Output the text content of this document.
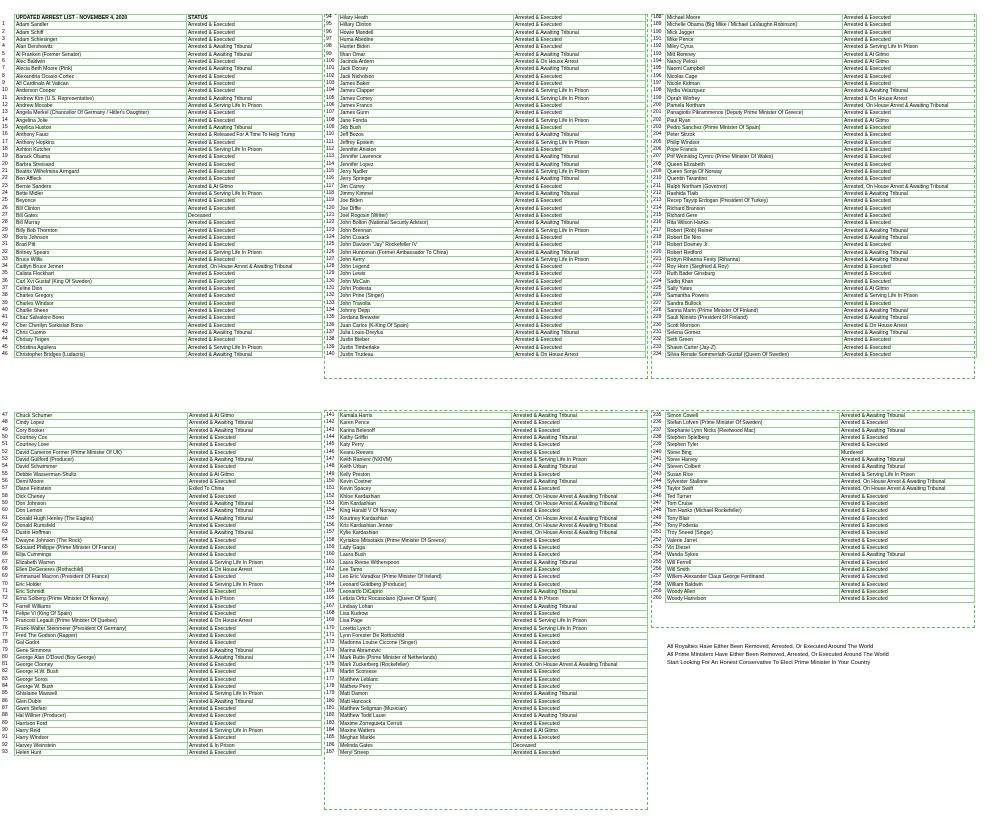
UPDATED ARREST LIST - NOVEMBER 4, 2020	STATUS
1	Adam Sandler	Arrested & Executed
2	Adam Schiff	Arrested & Executed
3	Adam Schlesinger	Arrested & Executed
4	Alan Dershowitz	Arrested & Awaiting Tribunal
5	Al Franken (Former Senator)	Arrested & Awaiting Tribunal
6	Alec Baldwin	Arrested & Executed
7	Alecia Beth Moore (Pink)	Arrested & Awaiting Tribunal
8	Alexandria Ocasio-Cortez	Arrested & Executed
9	All Cardinals At Vatican	Arrested & Executed
10	Anderson Cooper	Arrested & Executed
11	Andrew Kim (U.S. Representative)	Arrested & Awaiting Tribunal
12	Andrew Mccabe	Arrested & Serving Life In Prison
13	Angela Merkel (Chancellor Of Germany / Hitler's Daughter)	Arrested & Executed
14	Angelina Jolie	Arrested & Executed
15	Anjelica Huston	Arrested & Awaiting Tribunal
16	Anthony Fauci	Arrested & Released For A Time To Help Trump
17	Anthony Hopkins	Arrested & Executed
18	Ashton Kutcher	Arrested & Serving Life In Prison
19	Barack Obama	Arrested & Executed
20	Barbra Streisand	Arrested & Executed
21	Beatrix Wilhelmina Armgard	Arrested & Executed
22	Ben Affleck	Arrested & Executed
23	Bernie Sanders	Arrested & At Gitmo
24	Bette Midler	Arrested & Serving Life In Prison
25	Beyonce	Arrested & Executed
26	Bill Clinton	Arrested & Executed
27	Bill Gates	Deceased
28	Bill Murray	Arrested & Executed
29	Billy Bob Thornton	Arrested & Executed
30	Boris Johnson	Arrested & Executed
31	Brad Pitt	Arrested & Executed
32	Britney Spears	Arrested & Serving Life In Prison
33	Bruce Willis	Arrested & Executed
34	Caitlyn Bruce Jenner	Arrested, On House Arrest & Awaiting Tribunal
35	Calista Flockhart	Arrested & Executed
36	Carl Xvi Gustaf (King Of Sweden)	Arrested & Executed
37	Celine Dion	Arrested & Executed
38	Charles Gregory	Arrested & Executed
39	Charles Windsor	Arrested & Executed
40	Charlie Sheen	Arrested & Executed
41	Chaz Salvatore Bono	Arrested & Executed
42	Cher Cherilyn Sarkisian Bono	Arrested & Executed
43	Chris Cuomo	Arrested & Awaiting Tribunal
44	Chrissy Teigen	Arrested & Executed
45	Christina Aguilera	Arrested & Serving Life In Prison
46	Christopher Bridges (Ludacris)	Arrested & Awaiting Tribunal
47	Chuck Schumer	Arrested & At Gitmo
48	Cindy Lopez	Arrested & Awaiting Tribunal
49	Cory Booker	Arrested & Awaiting Tribunal
50	Courtney Cox	Arrested & Executed
51	Courtney Love	Arrested & Executed
52	David Cameron Former (Prime Minister Of UK)	Arrested & Executed
53	David Guilford (Producer)	Arrested & Awaiting Tribunal
54	David Schwimmer	Arrested & Executed
55	Debbie Wasserman-Shultz	Arrested & At Gitmo
56	Demi Moore	Arrested & Executed
57	Diane Feinstein	Exiled To China
58	Dick Cheney	Arrested & Executed
59	Don Johnson	Arrested & Awaiting Tribunal
60	Don Lemon	Arrested & Awaiting Tribunal
61	Donald Hugh Henley (The Eagles)	Arrested & Awaiting Tribunal
62	Donald Rumsfeld	Arrested & Executed
63	Dustin Hoffman	Arrested & Awaiting Tribunal
64	Dwayne Johnson (The Rock)	Arrested & Executed
65	Edouard Philippe (Prime Minister Of France)	Arrested & Executed
66	Elija Cummings	Arrested & Executed
67	Elizabeth Warren	Arrested & Serving Life In Prison
68	Ellen DeGeneres (Rothschild)	Arrested & On House Arrest
69	Emmanuel Macron (President Of France)	Arrested & Executed
70	Eric Holder	Arrested & Serving Life In Prison
71	Eric Schmidt	Arrested & Executed
72	Erna Solberg (Prime Minister Of Norway)	Arrested & In Prison
73	Farrell Williams	Arrested & Executed
74	Felipe Vi (King Of Spain)	Arrested & Executed
75	Francois Legault (Prime Minister Of Quebec)	Arrested & On House Arrest
76	Frank-Walter Steinmeier (President Of Germany)	Arrested & Executed
77	Fred The Godson (Rapper)	Arrested & Executed
78	Gal Gadot	Arrested & Executed
79	Gene Simmons	Arrested & Awaiting Tribunal
80	George Alan O'Dowd (Boy George)	Arrested & Awaiting Tribunal
81	George Clooney	Arrested & Executed
82	George H.W. Bush	Arrested & Executed
83	George Soros	Arrested & Executed
84	George W. Bush	Arrested & Executed
85	Ghislaine Maxwell	Arrested & Serving Life In Prison
86	Glen Dubin	Arrested & Awaiting Tribunal
87	Gwen Stefani	Arrested & Executed
88	Hal Willner (Producer)	Arrested & Executed
89	Harrison Ford	Arrested & Executed
90	Harry Reid	Arrested & Serving Life In Prison
91	Harry Windsor	Arrested & Executed
92	Harvey Weinstein	Arrested & In Prison
93	Helen Hunt	Arrested & Executed
94	Hilary Heath	Arrested & Executed
95	Hillary Clinton	Arrested & Executed
96	Howie Mandell	Arrested & Awaiting Tribunal
97	Huma Abedine	Arrested & Executed
98	Hunter Biden	Arrested & Executed
99	Ilhan Omar	Arrested & Awaiting Tribunal
100	Jacinda Ardern	Arrested & On House Arrest
101	Jack Dorsey	Arrested & Awaiting Tribunal
102	Jack Nicholson	Arrested & Executed
103	James Baker	Arrested & Executed
104	James Clapper	Arrested & Serving Life In Prison
105	James Comey	Arrested & Serving Life In Prison
106	James Franco	Arrested & Executed
107	James Gunn	Arrested & Executed
108	Jane Fonda	Arrested & Serving Life In Prison
109	Jeb Bush	Arrested & Executed
110	Jeff Bezos	Arrested & Awaiting Tribunal
111	Jeffrey Epstein	Arrested & Serving Life In Prison
112	Jennifer Aniston	Arrested & Executed
113	Jennifer Lawrence	Arrested & Awaiting Tribunal
114	Jennifer Lopez	Arrested & Awaiting Tribunal
115	Jerry Nadler	Arrested & Serving Life In Prison
116	Jerry Springer	Arrested & Awaiting Tribunal
117	Jim Carrey	Arrested & Executed
118	Jimmy Kimmel	Arrested & Awaiting Tribunal
119	Joe Biden	Arrested & Executed
120	Joe Diffie	Arrested & Executed
121	Joel Rogosin (Writer)	Arrested & Executed
122	John Bolton (National Security Advisor)	Arrested & Awaiting Tribunal
123	John Brennan	Arrested & Serving Life In Prison
124	John Cusack	Arrested & Executed
125	John Davison "Jay" Rockefeller IV	Arrested & Executed
126	John Huntsman (Former Ambassador To China)	Arrested & Awaiting Tribunal
127	John Kerry	Arrested & Serving Life In Prison
128	John Legend	Arrested & Executed
129	John Lewis	Arrested & Executed
130	John McCain	Arrested & Executed
131	John Podesta	Arrested & Executed
132	John Prine (Singer)	Arrested & Executed
133	John Travolta	Arrested & Executed
134	Johnny Depp	Arrested & Executed
135	Jordana Brewster	Arrested & Executed
136	Juan Carlos (K-King Of Spain)	Arrested & Executed
137	Julia Louis-Dreyfus	Arrested & Awaiting Tribunal
138	Justin Bieber	Arrested & Executed
139	Justin Timberlake	Arrested & Executed
140	Justin Trudeau	Arrested & On House Arrest
141	Kamala Harris	Arrested & Awaiting Tribunal
142	Karen Pence	Arrested & Executed
143	Karina Belenoff	Arrested & Executed
144	Kathy Griffin	Arrested & Awaiting Tribunal
145	Katy Perry	Arrested & Executed
146	Keanu Reeves	Arrested & Executed
147	Keith Raniere (NXIVM)	Arrested & Serving Life In Prison
148	Keith Urban	Arrested & Awaiting Tribunal
149	Kelly Preston	Arrested & Executed
150	Kevin Costner	Arrested & Awaiting Tribunal
151	Kevin Spacey	Arrested & Executed
152	Khloe Kardashian	Arrested, On House Arrest & Awaiting Tribunal
153	Kim Kardashian	Arrested, On House Arrest & Awaiting Tribunal
154	King Harald V Of Norway	Arrested & Executed
155	Kourtney Kardashian	Arrested, On House Arrest & Awaiting Tribunal
156	Kris Kardashian Jenner	Arrested, On House Arrest & Awaiting Tribunal
157	Kylie Kardashian	Arrested, On House Arrest & Awaiting Tribunal
158	Kyriakos Mitsotakis (Prime Minister Of Greece)	Arrested & Executed
159	Lady Gaga	Arrested & Executed
160	Laura Bush	Arrested & Executed
161	Laura Reese Witherspoon	Arrested & Awaiting Tribunal
162	Lee Tamo	Arrested & Executed
163	Leo Eric Varadkar (Prime Minister Of Ireland)	Arrested & Executed
164	Leonard Goldberg (Producer)	Arrested & Executed
165	Leonardo DiCaprio	Arrested & Awaiting Tribunal
166	Letizia Ortiz Rocasolano (Queen Of Spain)	Arrested & In Prison
167	Lindsay Lohan	Arrested & Awaiting Tribunal
168	Lisa Kudrow	Arrested & Executed
169	Lisa Page	Arrested & Serving Life In Prison
170	Loretta Lynch	Arrested & Serving Life In Prison
171	Lynn Forester De Rothschild	Arrested & Executed
172	Madonna Louise Ciccone (Singer)	Arrested & Executed
173	Marina Abramovic	Arrested & Executed
174	Mark Rutte (Prime Minister of Netherlands)	Arrested & Executed
175	Mark Zuckerberg (Rockefeller)	Arrested, On House Arrest & Awaiting Tribunal
176	Martin Scorsese	Arrested & Executed
177	Matthew Leblanc	Arrested & Executed
178	Mathew Perry	Arrested & Executed
179	Matt Damon	Arrested & Awaiting Tribunal
180	Matt Hancock	Arrested & Executed
181	Matthew Seligman (Musician)	Arrested & Executed
182	Matthew Todd Lauer	Arrested & Awaiting Tribunal
183	Maxime Zorreguieta Cerruti	Arrested & Executed
184	Maxine Watters	Arrested & At Gitmo
185	Meghan Markle	Arrested & Executed
186	Melinda Gates	Deceased
187	Meryl Streep	Arrested & Executed
188	Michael Moore	Arrested & Executed
189	Michelle Obama (Big Mike / Michael LaVaughn Robinson)	Arrested & Executed
190	Mick Jagger	Arrested & Executed
191	Mike Pence	Arrested & Executed
192	Miley Cyrus	Arrested & Serving Life In Prison
193	Mitt Romney	Arrested & At Gitmo
194	Nancy Pelosi	Arrested & At Gitmo
195	Naomi Campbell	Arrested & Executed
196	Nicolas Cage	Arrested & Executed
197	Nicole Kidman	Arrested & Executed
198	Nydia Velazquez	Arrested & Awaiting Tribunal
199	Oprah Winfrey	Arrested & On House Arrest
200	Pamela Northam	Arrested, On House Arrest & Awaiting Tribunal
201	Panagiotis Pikrammenos (Deputy Prime Minister Of Greece)	Arrested & Executed
202	Paul Ryan	Arrested & At Gitmo
203	Pedro Sanchez (Prime Minister Of Spain)	Arrested & Executed
204	Peter Strzok	Arrested & Executed
205	Philip Windsor	Arrested & Executed
206	Pope Francis	Arrested & Executed
207	Prif Weinidog Cymru (Prime Minister Of Wales)	Arrested & Executed
208	Queen Elizabeth	Arrested & Executed
209	Queen Sonja Of Norway	Arrested & Executed
210	Quentin Tarantino	Arrested & Executed
211	Ralph Northam (Governor)	Arrested, On House Arrest & Awaiting Tribunal
212	Rashida Tlaib	Arrested & Awaiting Tribunal
213	Recep Tayyip Erdogan (President Of Turkey)	Arrested & Executed
214	Richard Branson	Arrested & Executed
215	Richard Gere	Arrested & Executed
216	Rita Wilson Hanks	Arrested & Executed
217	Robert (Rob) Reiner	Arrested & Awaiting Tribunal
218	Robert De Niro	Arrested & Awaiting Tribunal
219	Robert Downey Jr.	Arrested & Executed
220	Robert Redford	Arrested & Awaiting Tribunal
221	Robyn Rihanna Fenty (Rihanna)	Arrested & Awaiting Tribunal
222	Roy Horn (Siegfried & Roy)	Arrested & Executed
223	Ruth Bader Ginsburg	Arrested & Executed
224	Sadiq Khan	Arrested & Executed
225	Sally Yates	Arrested & At Gitmo
226	Samantha Powers	Arrested & Serving Life In Prison
227	Sandra Bullock	Arrested & Executed
228	Sanna Marin (Prime Minister Of Finland)	Arrested & Awaiting Tribunal
229	Sauli Niinisto (President Of Finland)	Arrested & Awaiting Tribunal
230	Scott Morrison	Arrested & On House Arrest
231	Selena Gomez	Arrested & Awaiting Tribunal
232	Seth Green	Arrested & Executed
233	Shawn Carter (Jay-Z)	Arrested & Executed
234	Silvia Renate Sommerlath Gustaf (Queen Of Sweden)	Arrested & Executed
235	Simon Cowell	Arrested & Awaiting Tribunal
236	Stefan Lofven (Prime Minister Of Sweden)	Arrested & Executed
237	Stephanie Lynn Nicks (Fleetwood Mac)	Arrested & Awaiting Tribunal
238	Stephen Spielberg	Arrested & Executed
239	Stephen Tyler	Arrested & Executed
240	Steve Bing	Murdered
241	Steve Harvey	Arrested & Awaiting Tribunal
242	Steven Colbert	Arrested & Awaiting Tribunal
243	Susan Rice	Arrested & Serving Life In Prison
244	Sylvester Stallone	Arrested, On House Arrest & Awaiting Tribunal
245	Taylor Swift	Arrested, On House Arrest & Awaiting Tribunal
246	Ted Turner	Arrested & Executed
247	Tom Cruise	Arrested & Executed
248	Tom Hanks (Michael Rockefeller)	Arrested & Executed
249	Tony Blair	Arrested & Executed
250	Tony Podesta	Arrested & Executed
251	Troy Sneed (Singer)	Arrested & Executed
252	Valerie Jarret	Arrested & Executed
253	Vin Diesel	Arrested & Executed
254	Wanda Sykes	Arrested & Awaiting Tribunal
255	Will Ferrell	Arrested & Executed
256	Will Smith	Arrested & Executed
257	Willem-Alexander Claus George Ferdinand	Arrested & Executed
258	William Baldwin	Arrested & Executed
259	Woody Allen	Arrested & Executed
260	Woody Harrelson	Arrested & Executed
All Royalties Have Either Been Removed, Arrested, Or Executed Around The World
All Prime Ministers Have Either Been Removed, Arrested, Or Executed Around The World
Start Looking For An Honest Conservative To Elect Prime Minister In Your Country
